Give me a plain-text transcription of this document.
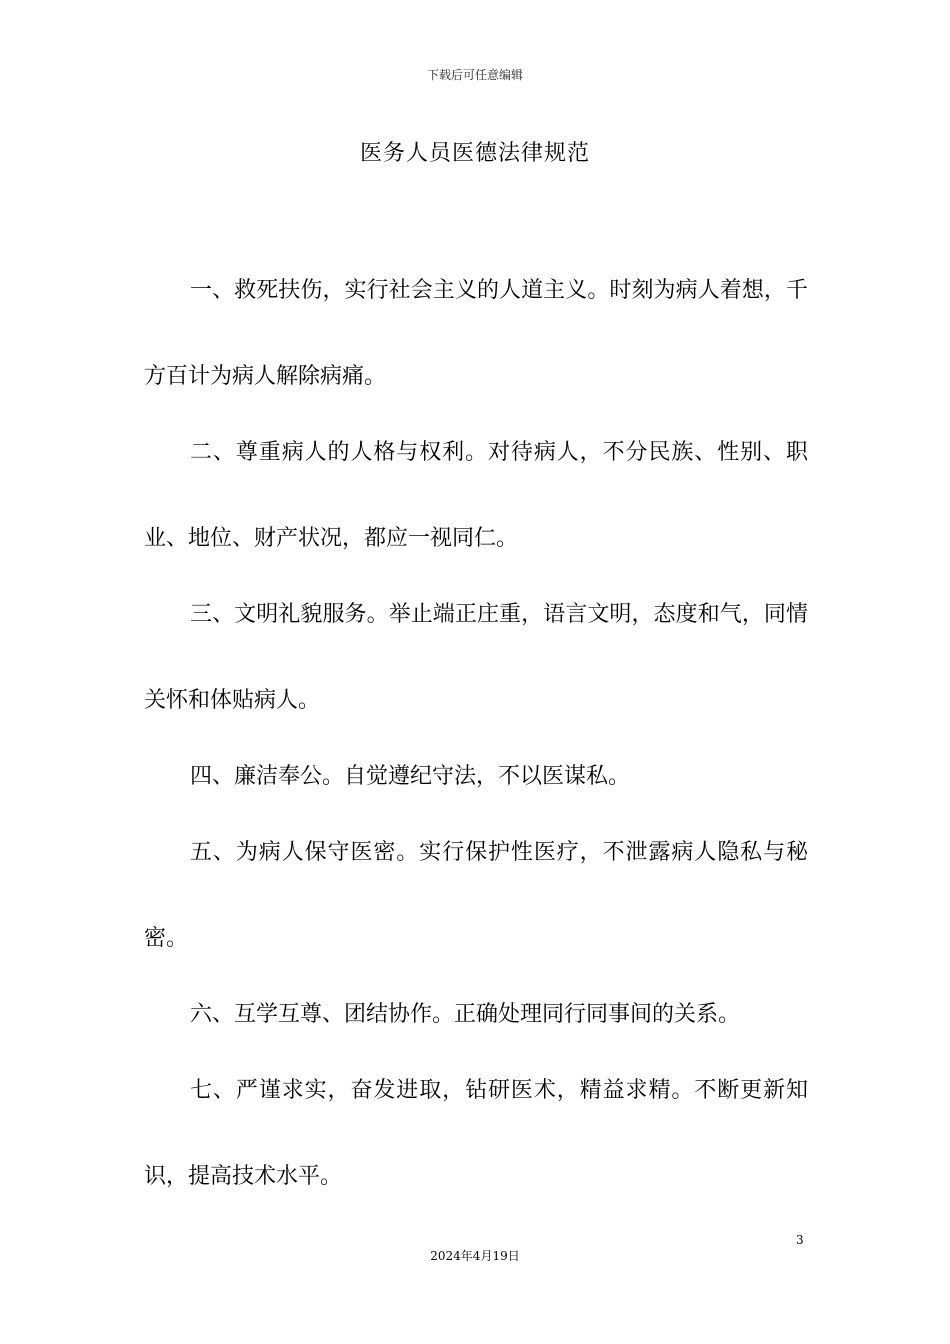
下载后可任意编辑
医务人员医德法律规范

一、救死扶伤，实行社会主义的人道主义。时刻为病人着想，千方百计为病人解除病痛。

二、尊重病人的人格与权利。对待病人，不分民族、性别、职业、地位、财产状况，都应一视同仁。

三、文明礼貌服务。举止端正庄重，语言文明，态度和气，同情关怀和体贴病人。

四、廉洁奉公。自觉遵纪守法，不以医谋私。

五、为病人保守医密。实行保护性医疗，不泄露病人隐私与秘密。

六、互学互尊、团结协作。正确处理同行同事间的关系。

七、严谨求实，奋发进取，钻研医术，精益求精。不断更新知识，提高技术水平。

3
2024年4月19日
